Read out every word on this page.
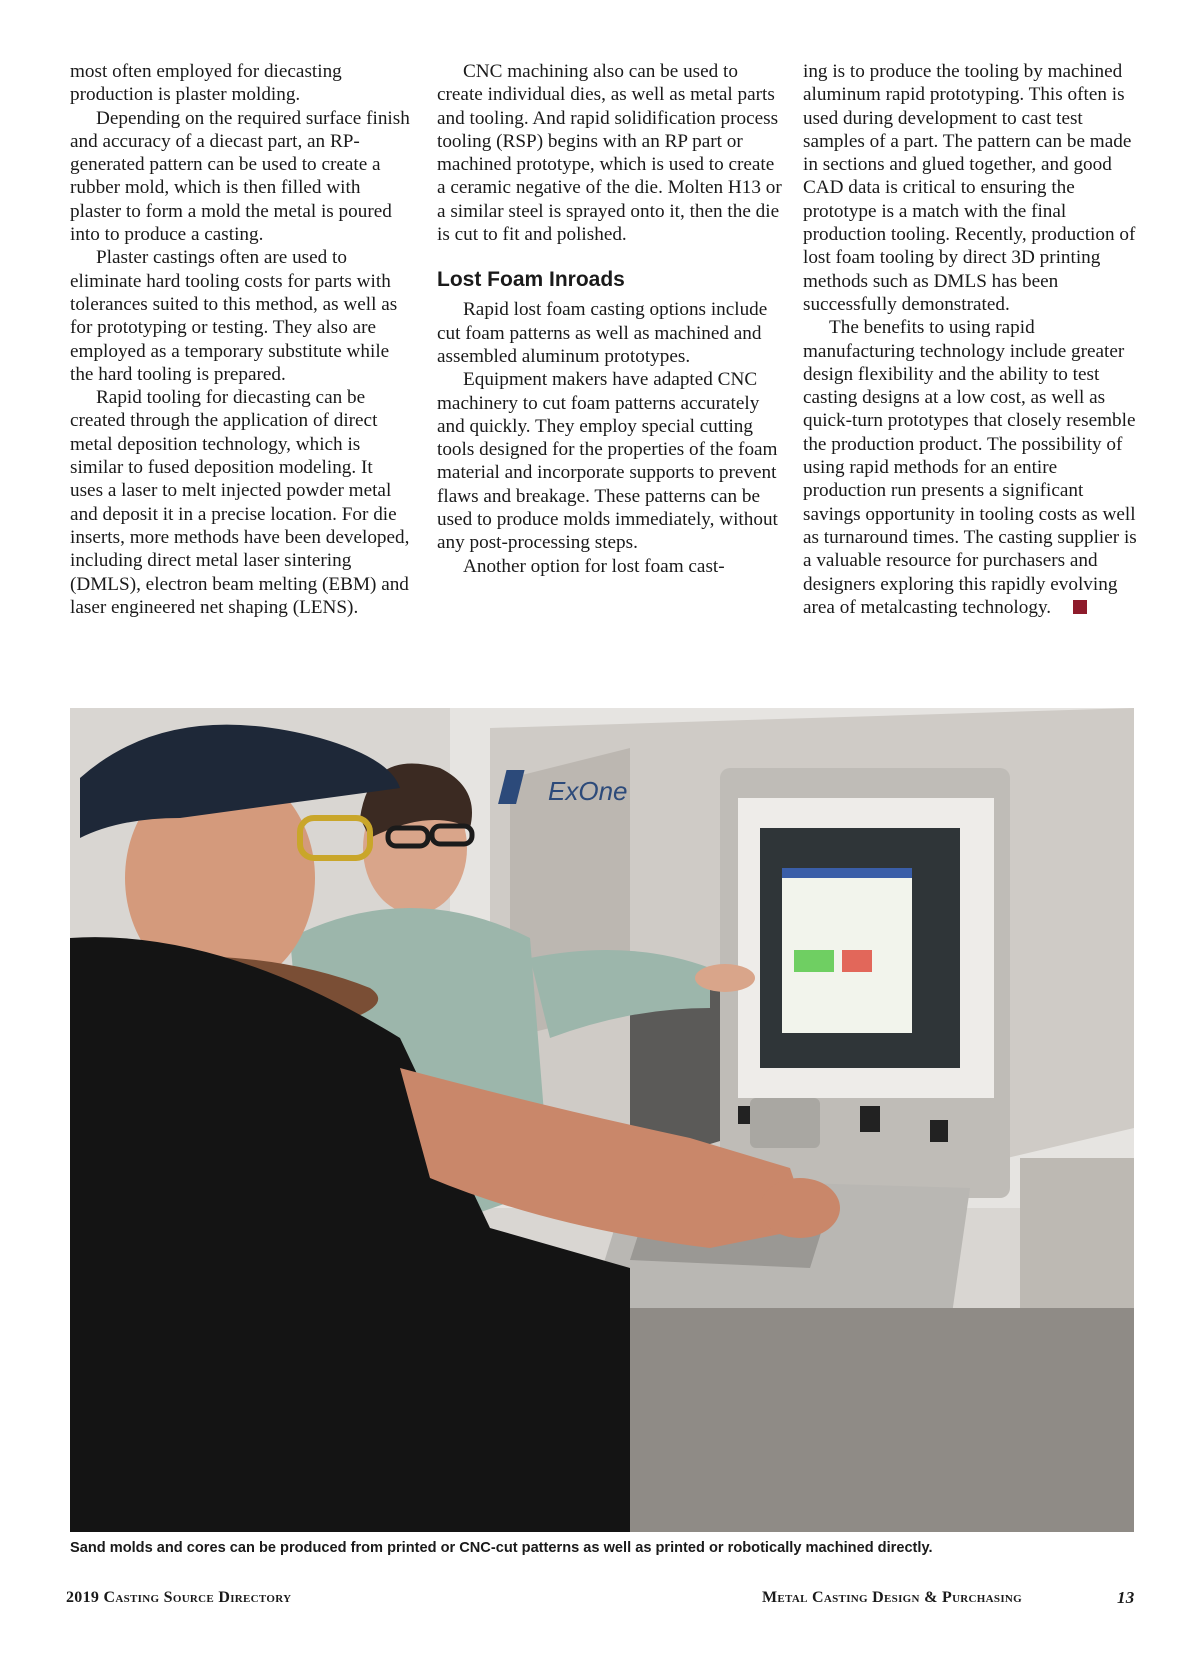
most often employed for diecasting production is plaster molding.

Depending on the required surface finish and accuracy of a diecast part, an RP-generated pattern can be used to create a rubber mold, which is then filled with plaster to form a mold the metal is poured into to produce a casting.

Plaster castings often are used to eliminate hard tooling costs for parts with tolerances suited to this method, as well as for prototyping or testing. They also are employed as a temporary substitute while the hard tooling is prepared.

Rapid tooling for diecasting can be created through the application of direct metal deposition technology, which is similar to fused deposition modeling. It uses a laser to melt injected powder metal and deposit it in a precise location. For die inserts, more methods have been developed, including direct metal laser sintering (DMLS), electron beam melting (EBM) and laser engineered net shaping (LENS).

CNC machining also can be used to create individual dies, as well as metal parts and tooling. And rapid solidification process tooling (RSP) begins with an RP part or machined prototype, which is used to create a ceramic negative of the die. Molten H13 or a similar steel is sprayed onto it, then the die is cut to fit and polished.

Lost Foam Inroads

Rapid lost foam casting options include cut foam patterns as well as machined and assembled aluminum prototypes.

Equipment makers have adapted CNC machinery to cut foam patterns accurately and quickly. They employ special cutting tools designed for the properties of the foam material and incorporate supports to prevent flaws and breakage. These patterns can be used to produce molds immediately, without any post-processing steps.

Another option for lost foam cast-

ing is to produce the tooling by machined aluminum rapid prototyping. This often is used during development to cast test samples of a part. The pattern can be made in sections and glued together, and good CAD data is critical to ensuring the prototype is a match with the final production tooling. Recently, production of lost foam tooling by direct 3D printing methods such as DMLS has been successfully demonstrated.

The benefits to using rapid manufacturing technology include greater design flexibility and the ability to test casting designs at a low cost, as well as quick-turn prototypes that closely resemble the production product. The possibility of using rapid methods for an entire production run presents a significant savings opportunity in tooling costs as well as turnaround times. The casting supplier is a valuable resource for purchasers and designers exploring this rapidly evolving area of metalcasting technology.

ExOne
Sand molds and cores can be produced from printed or CNC-cut patterns as well as printed or robotically machined directly.
2019 Casting Source Directory	Metal Casting Design & Purchasing	13
